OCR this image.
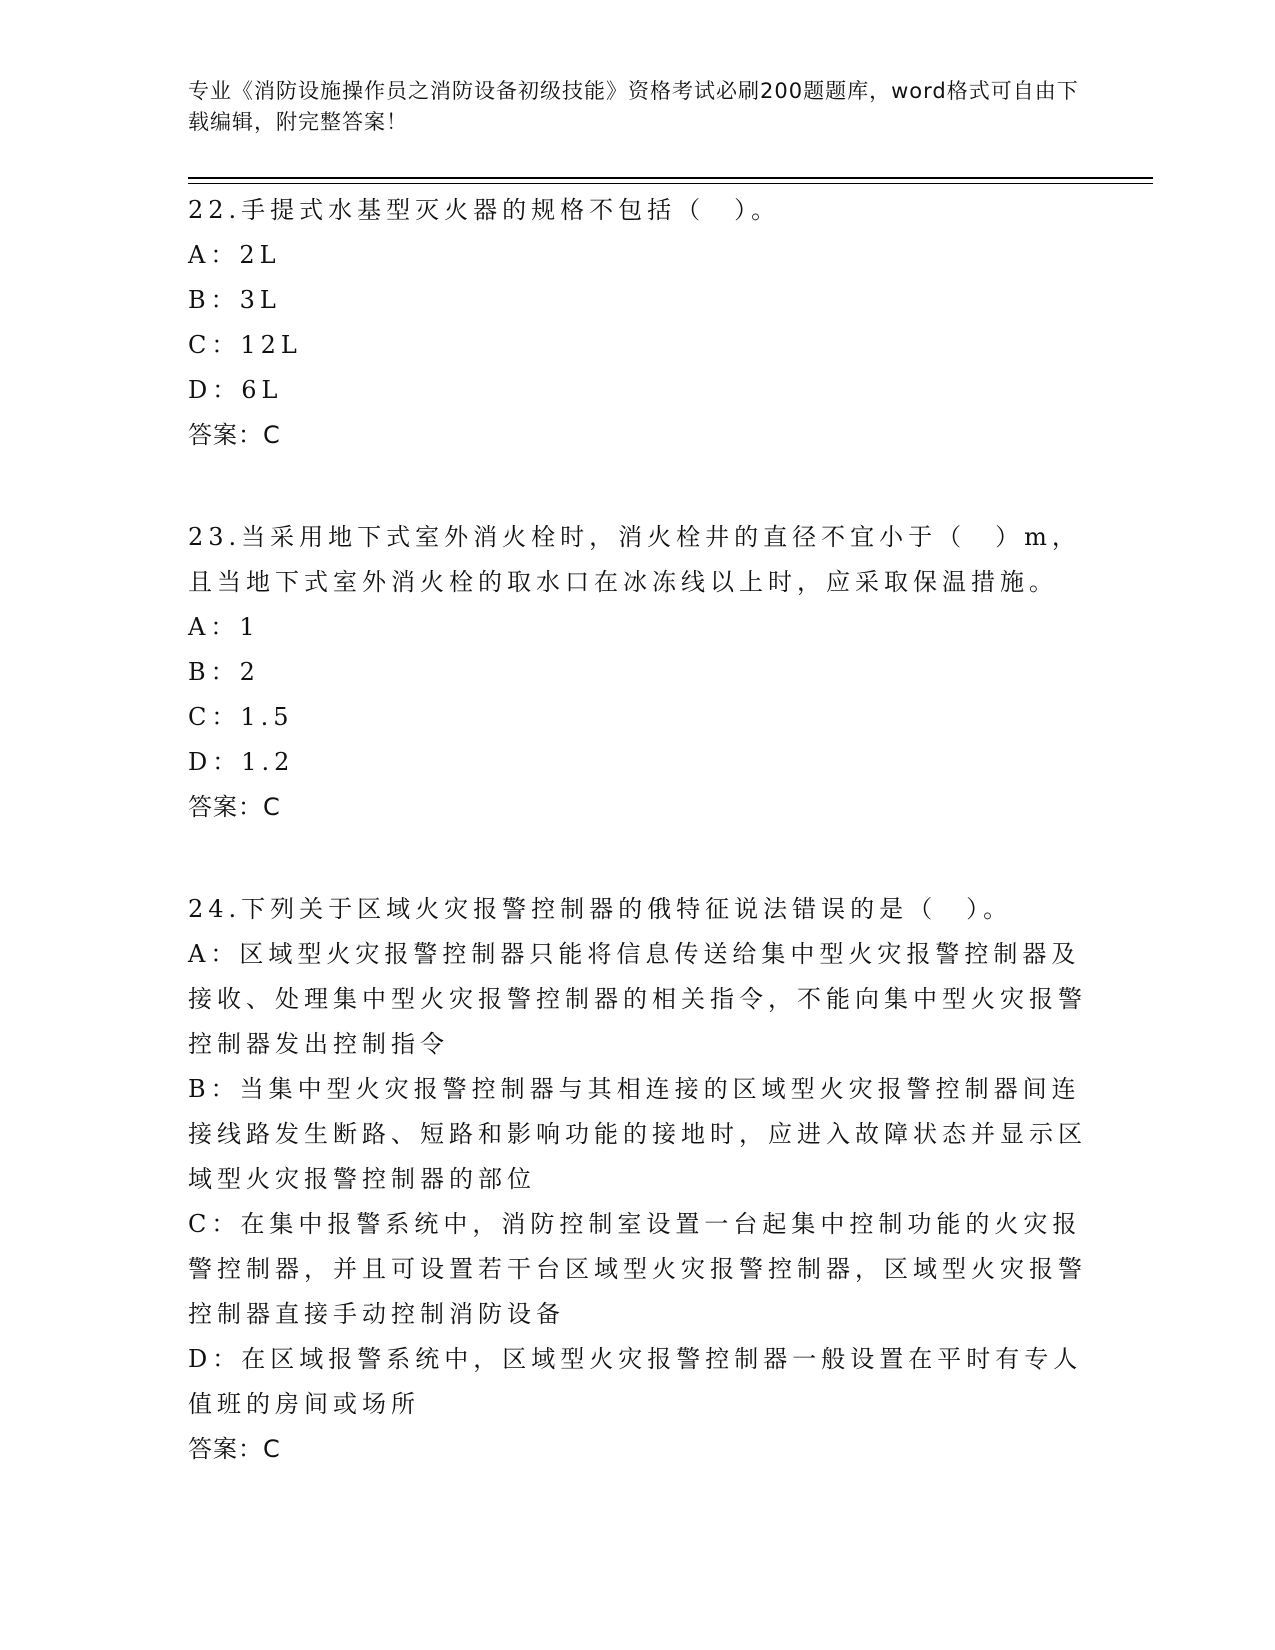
专业《消防设施操作员之消防设备初级技能》资格考试必刷200题题库，word格式可自由下载编辑，附完整答案！

22.手提式水基型灭火器的规格不包括（　）。

A：2L

B：3L

C：12L

D：6L

答案：C

23.当采用地下式室外消火栓时，消火栓井的直径不宜小于（　）m，且当地下式室外消火栓的取水口在冰冻线以上时，应采取保温措施。

A：1

B：2

C：1.5

D：1.2

答案：C

24.下列关于区域火灾报警控制器的俄特征说法错误的是（　）。

A：区域型火灾报警控制器只能将信息传送给集中型火灾报警控制器及接收、处理集中型火灾报警控制器的相关指令，不能向集中型火灾报警控制器发出控制指令

B：当集中型火灾报警控制器与其相连接的区域型火灾报警控制器间连接线路发生断路、短路和影响功能的接地时，应进入故障状态并显示区域型火灾报警控制器的部位

C：在集中报警系统中，消防控制室设置一台起集中控制功能的火灾报警控制器，并且可设置若干台区域型火灾报警控制器，区域型火灾报警控制器直接手动控制消防设备

D：在区域报警系统中，区域型火灾报警控制器一般设置在平时有专人值班的房间或场所

答案：C
